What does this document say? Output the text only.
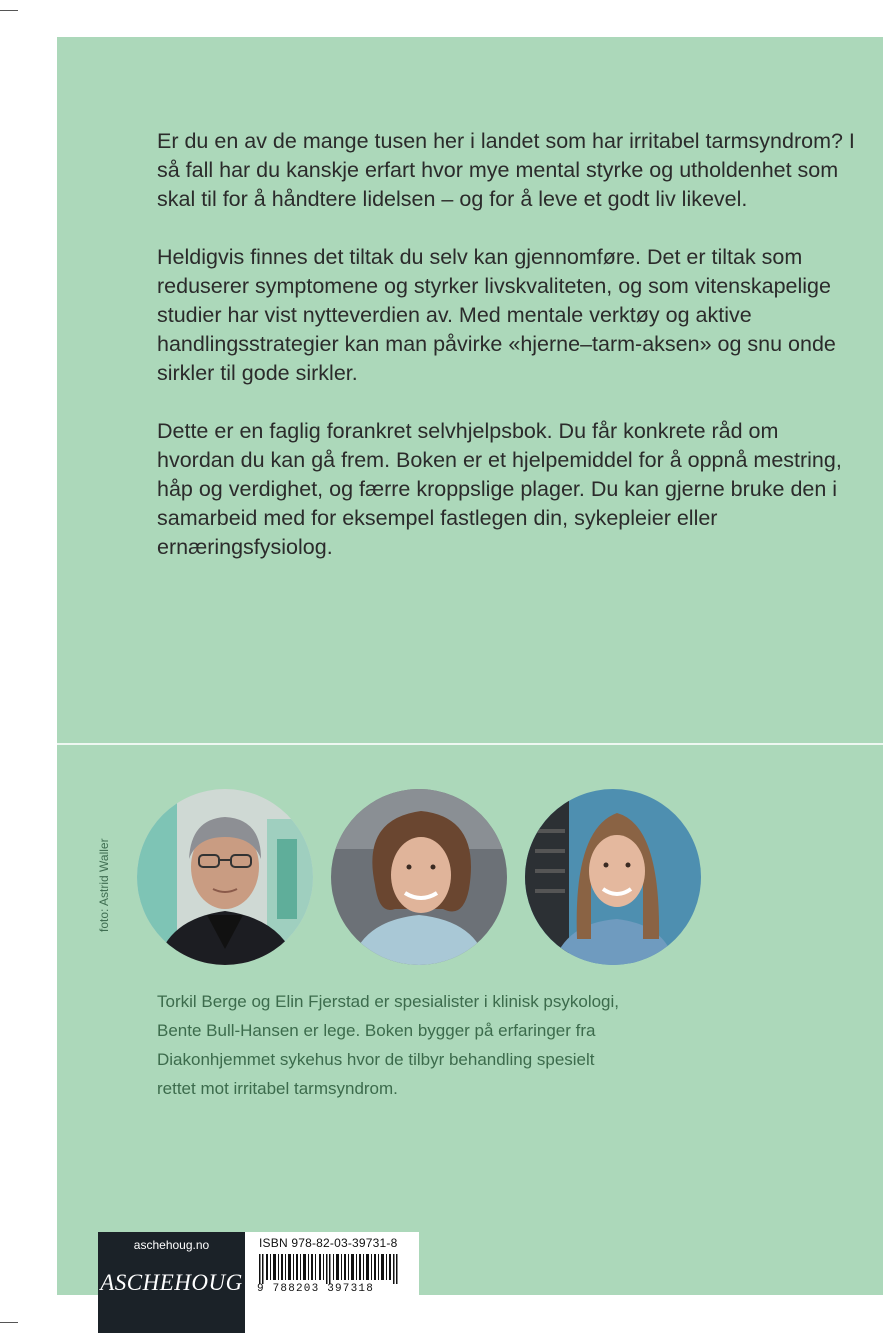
Er du en av de mange tusen her i landet som har irritabel tarmsyndrom? I så fall har du kanskje erfart hvor mye mental styrke og utholdenhet som skal til for å håndtere lidelsen – og for å leve et godt liv likevel.

Heldigvis finnes det tiltak du selv kan gjennomføre. Det er tiltak som reduserer symptomene og styrker livskvaliteten, og som vitenskapelige studier har vist nytteverdien av. Med mentale verktøy og aktive handlingsstrategier kan man påvirke «hjerne–tarm-aksen» og snu onde sirkler til gode sirkler.

Dette er en faglig forankret selvhjelpsbok. Du får konkrete råd om hvordan du kan gå frem. Boken er et hjelpemiddel for å oppnå mestring, håp og verdighet, og færre kroppslige plager. Du kan gjerne bruke den i samarbeid med for eksempel fastlegen din, sykepleier eller ernæringsfysiolog.

foto: Astrid Waller

Torkil Berge og Elin Fjerstad er spesialister i klinisk psykologi,

Bente Bull-Hansen er lege. Boken bygger på erfaringer fra

Diakonhjemmet sykehus hvor de tilbyr behandling spesielt

rettet mot irritabel tarmsyndrom.

aschehoug.no
ASCHEHOUG
ISBN 978-82-03-39731-8
9 788203 397318
